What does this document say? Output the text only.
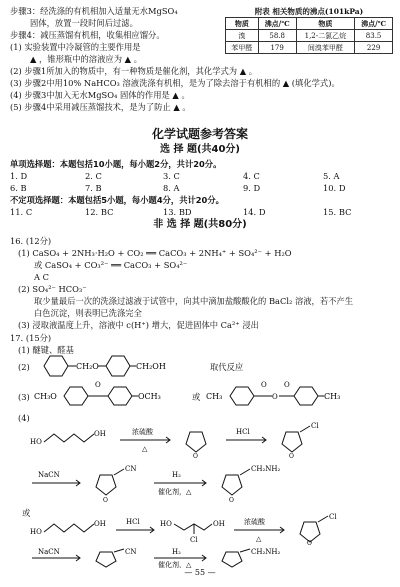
步骤3：经洗涤的有机相加入适量无水MgSO₄
固体，放置一段时间后过滤。
步骤4：减压蒸馏有机相，收集相应馏分。
(1) 实验装置中冷凝管的主要作用是
▲ ，锥形瓶中的溶液应为 ▲ 。
(2) 步骤1所加入的物质中，有一种物质是催化剂，其化学式为 ▲ 。
(3) 步骤2中用10% NaHCO₃ 溶液洗涤有机相，是为了除去溶于有机相的 ▲ (填化学式)。
(4) 步骤3中加入无水MgSO₄ 固体的作用是 ▲ 。
(5) 步骤4中采用减压蒸馏技术，是为了防止 ▲ 。
附表 相关物质的沸点(101kPa)
物质	沸点/℃	物质	沸点/℃
溴	58.8	1,2-二氯乙烷	83.5
苯甲醛	179	间溴苯甲醛	229
化学试题参考答案
选 择 题(共40分)
单项选择题：本题包括10小题，每小题2分，共计20分。
1. D	2. C	3. C	4. C	5. A
6. B	7. B	8. A	9. D	10. D
不定项选择题：本题包括5小题，每小题4分，共计20分。
11. C	12. BC	13. BD	14. D	15. BC
非 选 择 题(共80分)
16. (12分)
(1) CaSO₄ + 2NH₃·H₂O + CO₂ ══ CaCO₃ + 2NH₄⁺ + SO₄²⁻ + H₂O
或 CaSO₄ + CO₃²⁻ ══ CaCO₃ + SO₄²⁻
A C
(2) SO₄²⁻ HCO₃⁻
取少量最后一次的洗涤过滤液于试管中，向其中滴加盐酸酸化的 BaCl₂ 溶液，若不产生
白色沉淀，则表明已洗涤完全
(3) 浸取液温度上升，溶液中 c(H⁺) 增大，促进固体中 Ca²⁺ 浸出
17. (15分)
(1) 醚键、醛基
(2)	CH₂O	CH₂OH	取代反应
(3) CH₃O
O
OCH₃	或 CH₃
O
O
O
CH₃
(4)
HO
OH	浓硫酸
△
O
HCl
O
Cl
NaCN
O
CN
H₂
催化剂，△
O
CH₂NH₂
或
HO
OH	HCl	HO	OH
Cl
浓硫酸
△
O
Cl
NaCN	CN	H₂
催化剂，△
CH₂NH₂
— 55 —
